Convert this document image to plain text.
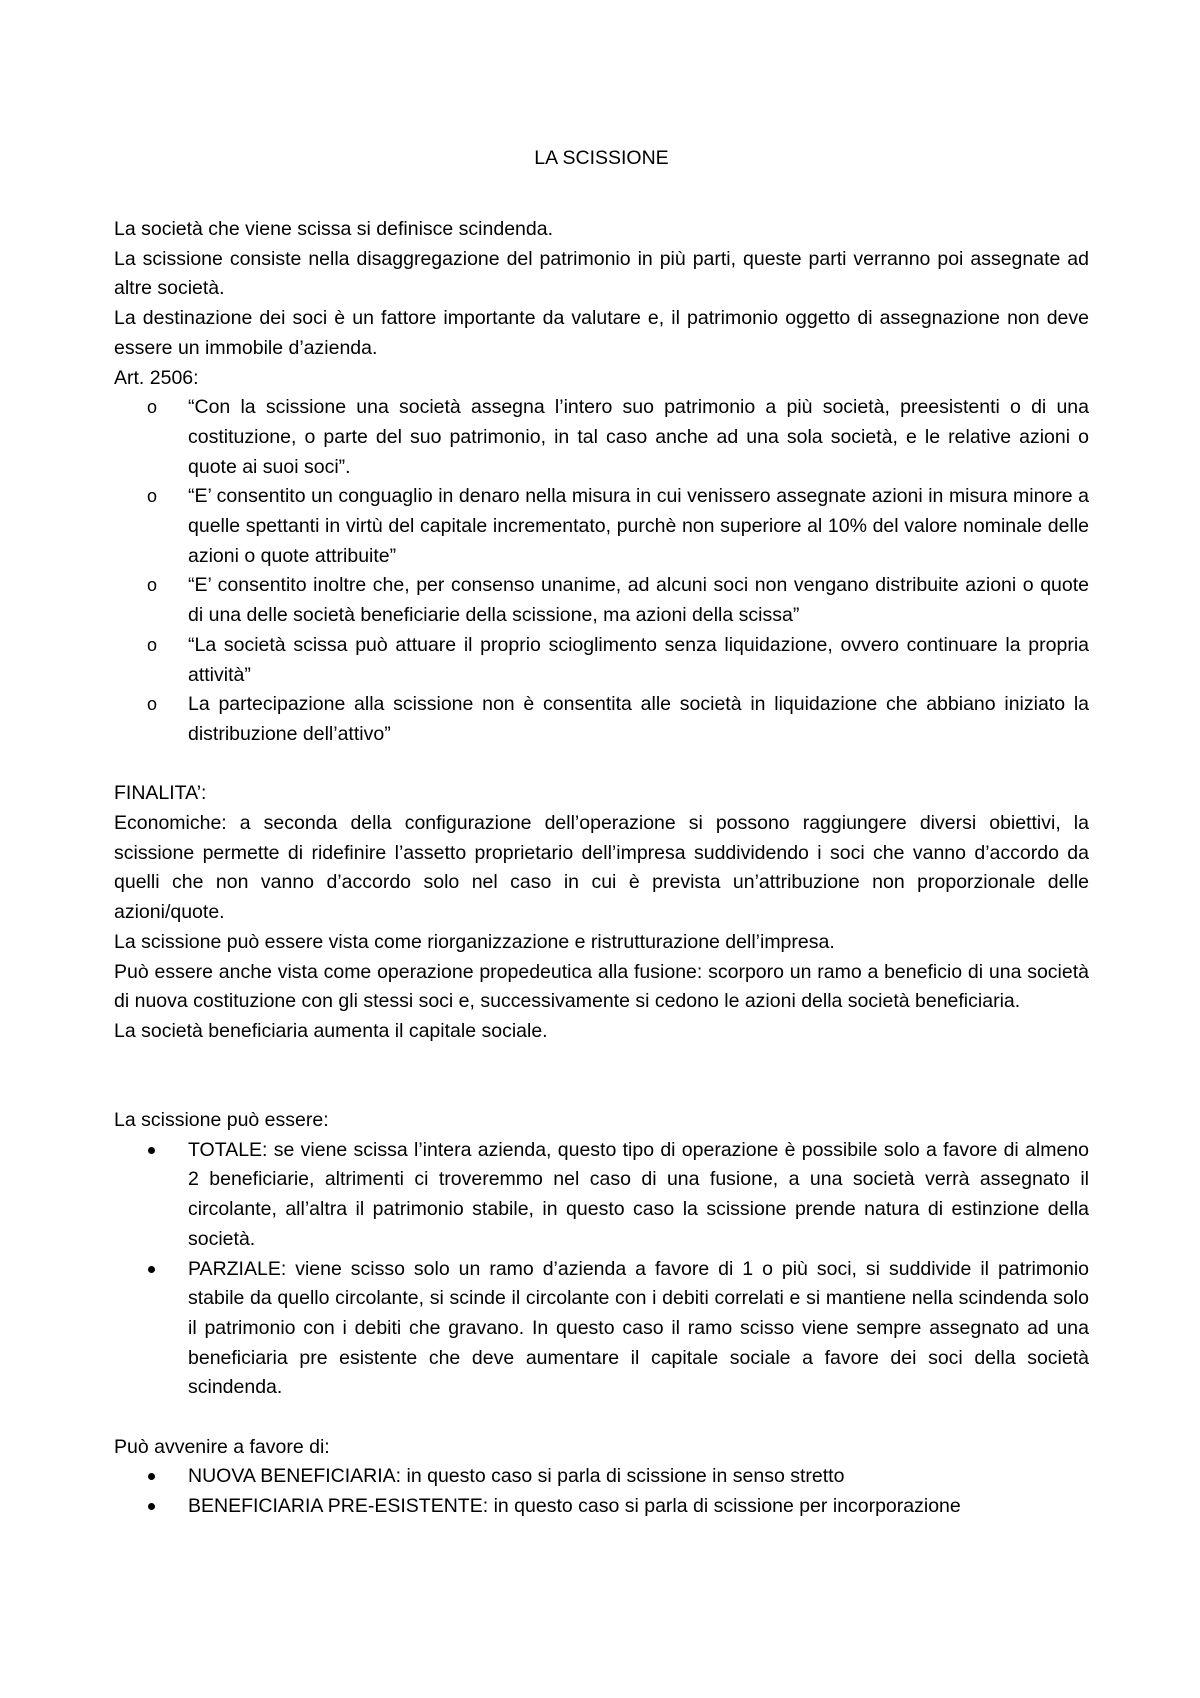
LA SCISSIONE

La società che viene scissa si definisce scindenda.

La scissione consiste nella disaggregazione del patrimonio in più parti, queste parti verranno poi assegnate ad altre società.

La destinazione dei soci è un fattore importante da valutare e, il patrimonio oggetto di assegnazione non deve essere un immobile d’azienda.

Art. 2506:

o
“Con la scissione una società assegna l’intero suo patrimonio a più società, preesistenti o di una costituzione, o parte del suo patrimonio, in tal caso anche ad una sola società, e le relative azioni o quote ai suoi soci”.
o
“E’ consentito un conguaglio in denaro nella misura in cui venissero assegnate azioni in misura minore a quelle spettanti in virtù del capitale incrementato, purchè non superiore al 10% del valore nominale delle azioni o quote attribuite”
o
“E’ consentito inoltre che, per consenso unanime, ad alcuni soci non vengano distribuite azioni o quote di una delle società beneficiarie della scissione, ma azioni della scissa”
o
“La società scissa può attuare il proprio scioglimento senza liquidazione, ovvero continuare la propria attività”
o
La partecipazione alla scissione non è consentita alle società in liquidazione che abbiano iniziato la distribuzione dell’attivo”

FINALITA’:

Economiche: a seconda della configurazione dell’operazione si possono raggiungere diversi obiettivi, la scissione permette di ridefinire l’assetto proprietario dell’impresa suddividendo i soci che vanno d’accordo da quelli che non vanno d’accordo solo nel caso in cui è prevista un’attribuzione non proporzionale delle azioni/quote.

La scissione può essere vista come riorganizzazione e ristrutturazione dell’impresa.

Può essere anche vista come operazione propedeutica alla fusione: scorporo un ramo a beneficio di una società di nuova costituzione con gli stessi soci e, successivamente si cedono le azioni della società beneficiaria.

La società beneficiaria aumenta il capitale sociale.

La scissione può essere:

TOTALE: se viene scissa l’intera azienda, questo tipo di operazione è possibile solo a favore di almeno 2 beneficiarie, altrimenti ci troveremmo nel caso di una fusione, a una società verrà assegnato il circolante, all’altra il patrimonio stabile, in questo caso la scissione prende natura di estinzione della società.
PARZIALE: viene scisso solo un ramo d’azienda a favore di 1 o più soci, si suddivide il patrimonio stabile da quello circolante, si scinde il circolante con i debiti correlati e si mantiene nella scindenda solo il patrimonio con i debiti che gravano. In questo caso il ramo scisso viene sempre assegnato ad una beneficiaria pre esistente che deve aumentare il capitale sociale a favore dei soci della società scindenda.

Può avvenire a favore di:

NUOVA BENEFICIARIA: in questo caso si parla di scissione in senso stretto
BENEFICIARIA PRE-ESISTENTE: in questo caso si parla di scissione per incorporazione
